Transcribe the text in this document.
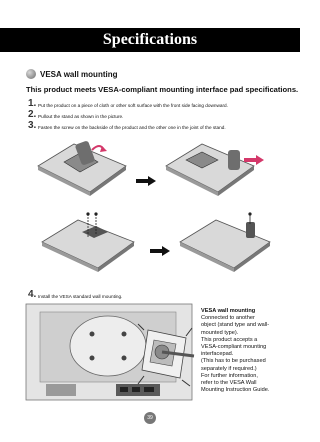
Specifications
VESA wall mounting
This product meets VESA-compliant mounting interface pad specifications.
1. Put the product on a piece of cloth or other soft surface with the front side facing downward.
2. Pullout the stand as shown in the picture.
3. Fasten the screw on the backside of the product and the other one in the joint of the stand.
4. Install the VESA standard wall mounting.
VESA wall mounting
Connected to another
object (stand type and wall-
mounted type).
This product accepts a
VESA-compliant mounting
interfacepad.
(This has to be purchased
separately if required.)
For further information,
refer to the VESA Wall
Mounting Instruction Guide.
39
